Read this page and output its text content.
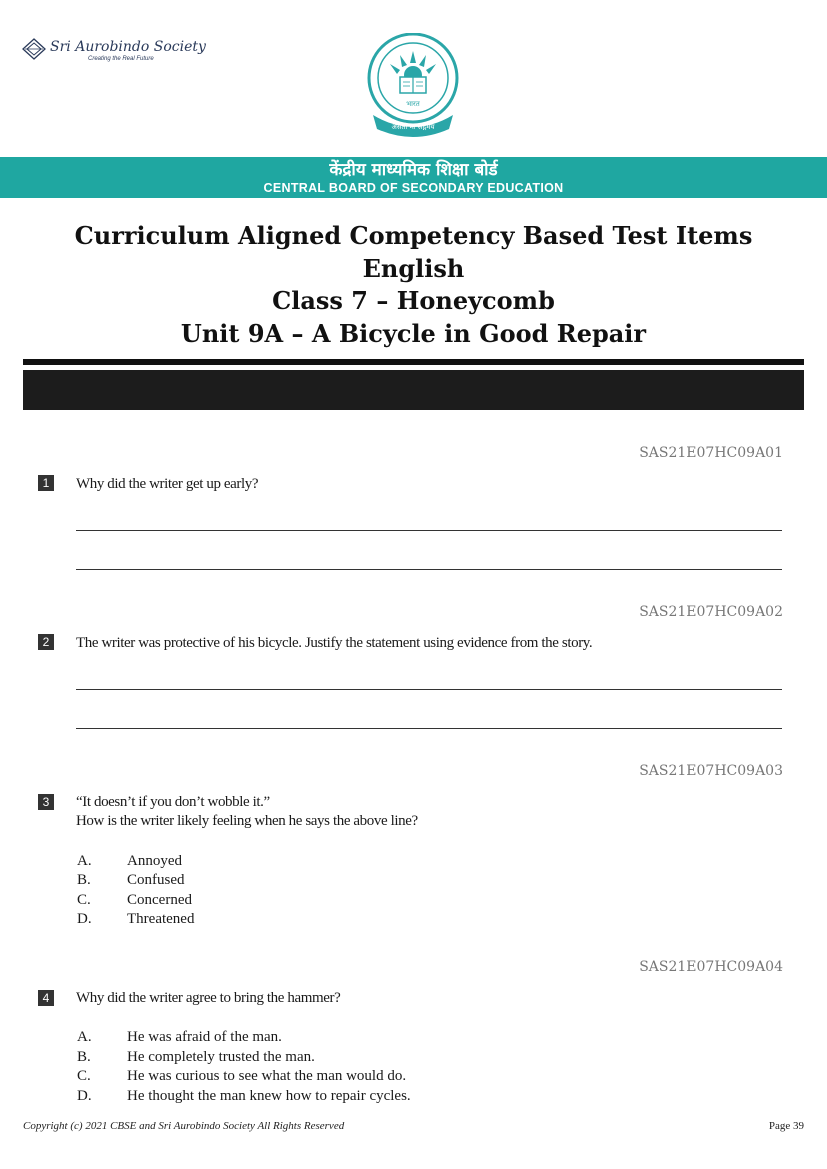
Sri Aurobindo Society
Creating the Real Future
भारत
असतो मा सद्गमय
केंद्रीय माध्यमिक शिक्षा बोर्ड
CENTRAL BOARD OF SECONDARY EDUCATION
Curriculum Aligned Competency Based Test Items
English
Class 7 – Honeycomb
Unit 9A – A Bicycle in Good Repair
SAS21E07HC09A01
1	Why did the writer get up early?
SAS21E07HC09A02
2	The writer was protective of his bicycle. Justify the statement using evidence from the story.
SAS21E07HC09A03
3	“It doesn’t if you don’t wobble it.”
How is the writer likely feeling when he says the above line?
A. Annoyed
B. Confused
C. Concerned
D. Threatened
SAS21E07HC09A04
4	Why did the writer agree to bring the hammer?
A. He was afraid of the man.
B. He completely trusted the man.
C. He was curious to see what the man would do.
D. He thought the man knew how to repair cycles.
Copyright (c) 2021 CBSE and Sri Aurobindo Society All Rights Reserved	Page 39
